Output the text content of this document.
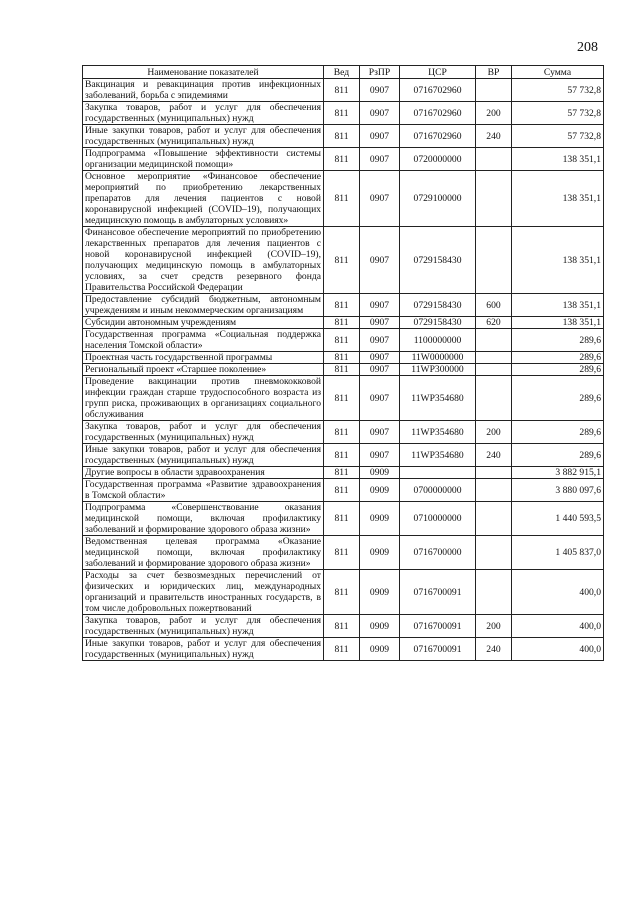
208
Наименование показателей	Вед	РзПР	ЦСР	ВР	Сумма
Вакцинация и ревакцинация против инфекционных заболеваний, борьба с эпидемиями	811	0907	0716702960		57 732,8
Закупка товаров, работ и услуг для обеспечения государственных (муниципальных) нужд	811	0907	0716702960	200	57 732,8
Иные закупки товаров, работ и услуг для обеспечения государственных (муниципальных) нужд	811	0907	0716702960	240	57 732,8
Подпрограмма «Повышение эффективности системы организации медицинской помощи»	811	0907	0720000000		138 351,1
Основное мероприятие «Финансовое обеспечение мероприятий по приобретению лекарственных препаратов для лечения пациентов с новой коронавирусной инфекцией (COVID–19), получающих медицинскую помощь в амбулаторных условиях»	811	0907	0729100000		138 351,1
Финансовое обеспечение мероприятий по приобретению лекарственных препаратов для лечения пациентов с новой коронавирусной инфекцией (COVID–19), получающих медицинскую помощь в амбулаторных условиях, за счет средств резервного фонда Правительства Российской Федерации	811	0907	0729158430		138 351,1
Предоставление субсидий бюджетным, автономным учреждениям и иным некоммерческим организациям	811	0907	0729158430	600	138 351,1
Субсидии автономным учреждениям	811	0907	0729158430	620	138 351,1
Государственная программа «Социальная поддержка населения Томской области»	811	0907	1100000000		289,6
Проектная часть государственной программы	811	0907	11W0000000		289,6
Региональный проект «Старшее поколение»	811	0907	11WP300000		289,6
Проведение вакцинации против пневмококковой инфекции граждан старше трудоспособного возраста из групп риска, проживающих в организациях социального обслуживания	811	0907	11WP354680		289,6
Закупка товаров, работ и услуг для обеспечения государственных (муниципальных) нужд	811	0907	11WP354680	200	289,6
Иные закупки товаров, работ и услуг для обеспечения государственных (муниципальных) нужд	811	0907	11WP354680	240	289,6
Другие вопросы в области здравоохранения	811	0909			3 882 915,1
Государственная программа «Развитие здравоохранения в Томской области»	811	0909	0700000000		3 880 097,6
Подпрограмма «Совершенствование оказания медицинской помощи, включая профилактику заболеваний и формирование здорового образа жизни»	811	0909	0710000000		1 440 593,5
Ведомственная целевая программа «Оказание медицинской помощи, включая профилактику заболеваний и формирование здорового образа жизни»	811	0909	0716700000		1 405 837,0
Расходы за счет безвозмездных перечислений от физических и юридических лиц, международных организаций и правительств иностранных государств, в том числе добровольных пожертвований	811	0909	0716700091		400,0
Закупка товаров, работ и услуг для обеспечения государственных (муниципальных) нужд	811	0909	0716700091	200	400,0
Иные закупки товаров, работ и услуг для обеспечения государственных (муниципальных) нужд	811	0909	0716700091	240	400,0
